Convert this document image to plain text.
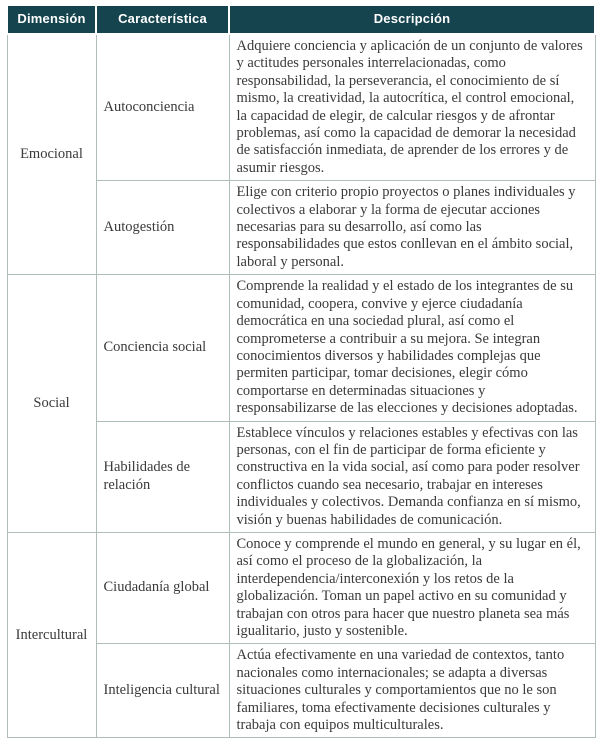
Dimensión	Característica	Descripción
Emocional	Autoconciencia	Adquiere conciencia y aplicación de un conjunto de valores y actitudes personales interrelacionadas, como responsabilidad, la perseverancia, el conocimiento de sí mismo, la creatividad, la autocrítica, el control emocional, la capacidad de elegir, de calcular riesgos y de afrontar problemas, así como la capacidad de demorar la necesidad de satisfacción inmediata, de aprender de los errores y de asumir riesgos.
	Autogestión	Elige con criterio propio proyectos o planes individuales y colectivos a elaborar y la forma de ejecutar acciones necesarias para su desarrollo, así como las responsabilidades que estos conllevan en el ámbito social, laboral y personal.
Social	Conciencia social	Comprende la realidad y el estado de los integrantes de su comunidad, coopera, convive y ejerce ciudadanía democrática en una sociedad plural, así como el comprometerse a contribuir a su mejora. Se integran conocimientos diversos y habilidades complejas que permiten participar, tomar decisiones, elegir cómo comportarse en determinadas situaciones y responsabilizarse de las elecciones y decisiones adoptadas.
	Habilidades de relación	Establece vínculos y relaciones estables y efectivas con las personas, con el fin de participar de forma eficiente y constructiva en la vida social, así como para poder resolver conflictos cuando sea necesario, trabajar en intereses individuales y colectivos. Demanda confianza en sí mismo, visión y buenas habilidades de comunicación.
Intercultural	Ciudadanía global	Conoce y comprende el mundo en general, y su lugar en él, así como el proceso de la globalización, la interdependencia/interconexión y los retos de la globalización. Toman un papel activo en su comunidad y trabajan con otros para hacer que nuestro planeta sea más igualitario, justo y sostenible.
	Inteligencia cultural	Actúa efectivamente en una variedad de contextos, tanto nacionales como internacionales; se adapta a diversas situaciones culturales y comportamientos que no le son familiares, toma efectivamente decisiones culturales y trabaja con equipos multiculturales.
